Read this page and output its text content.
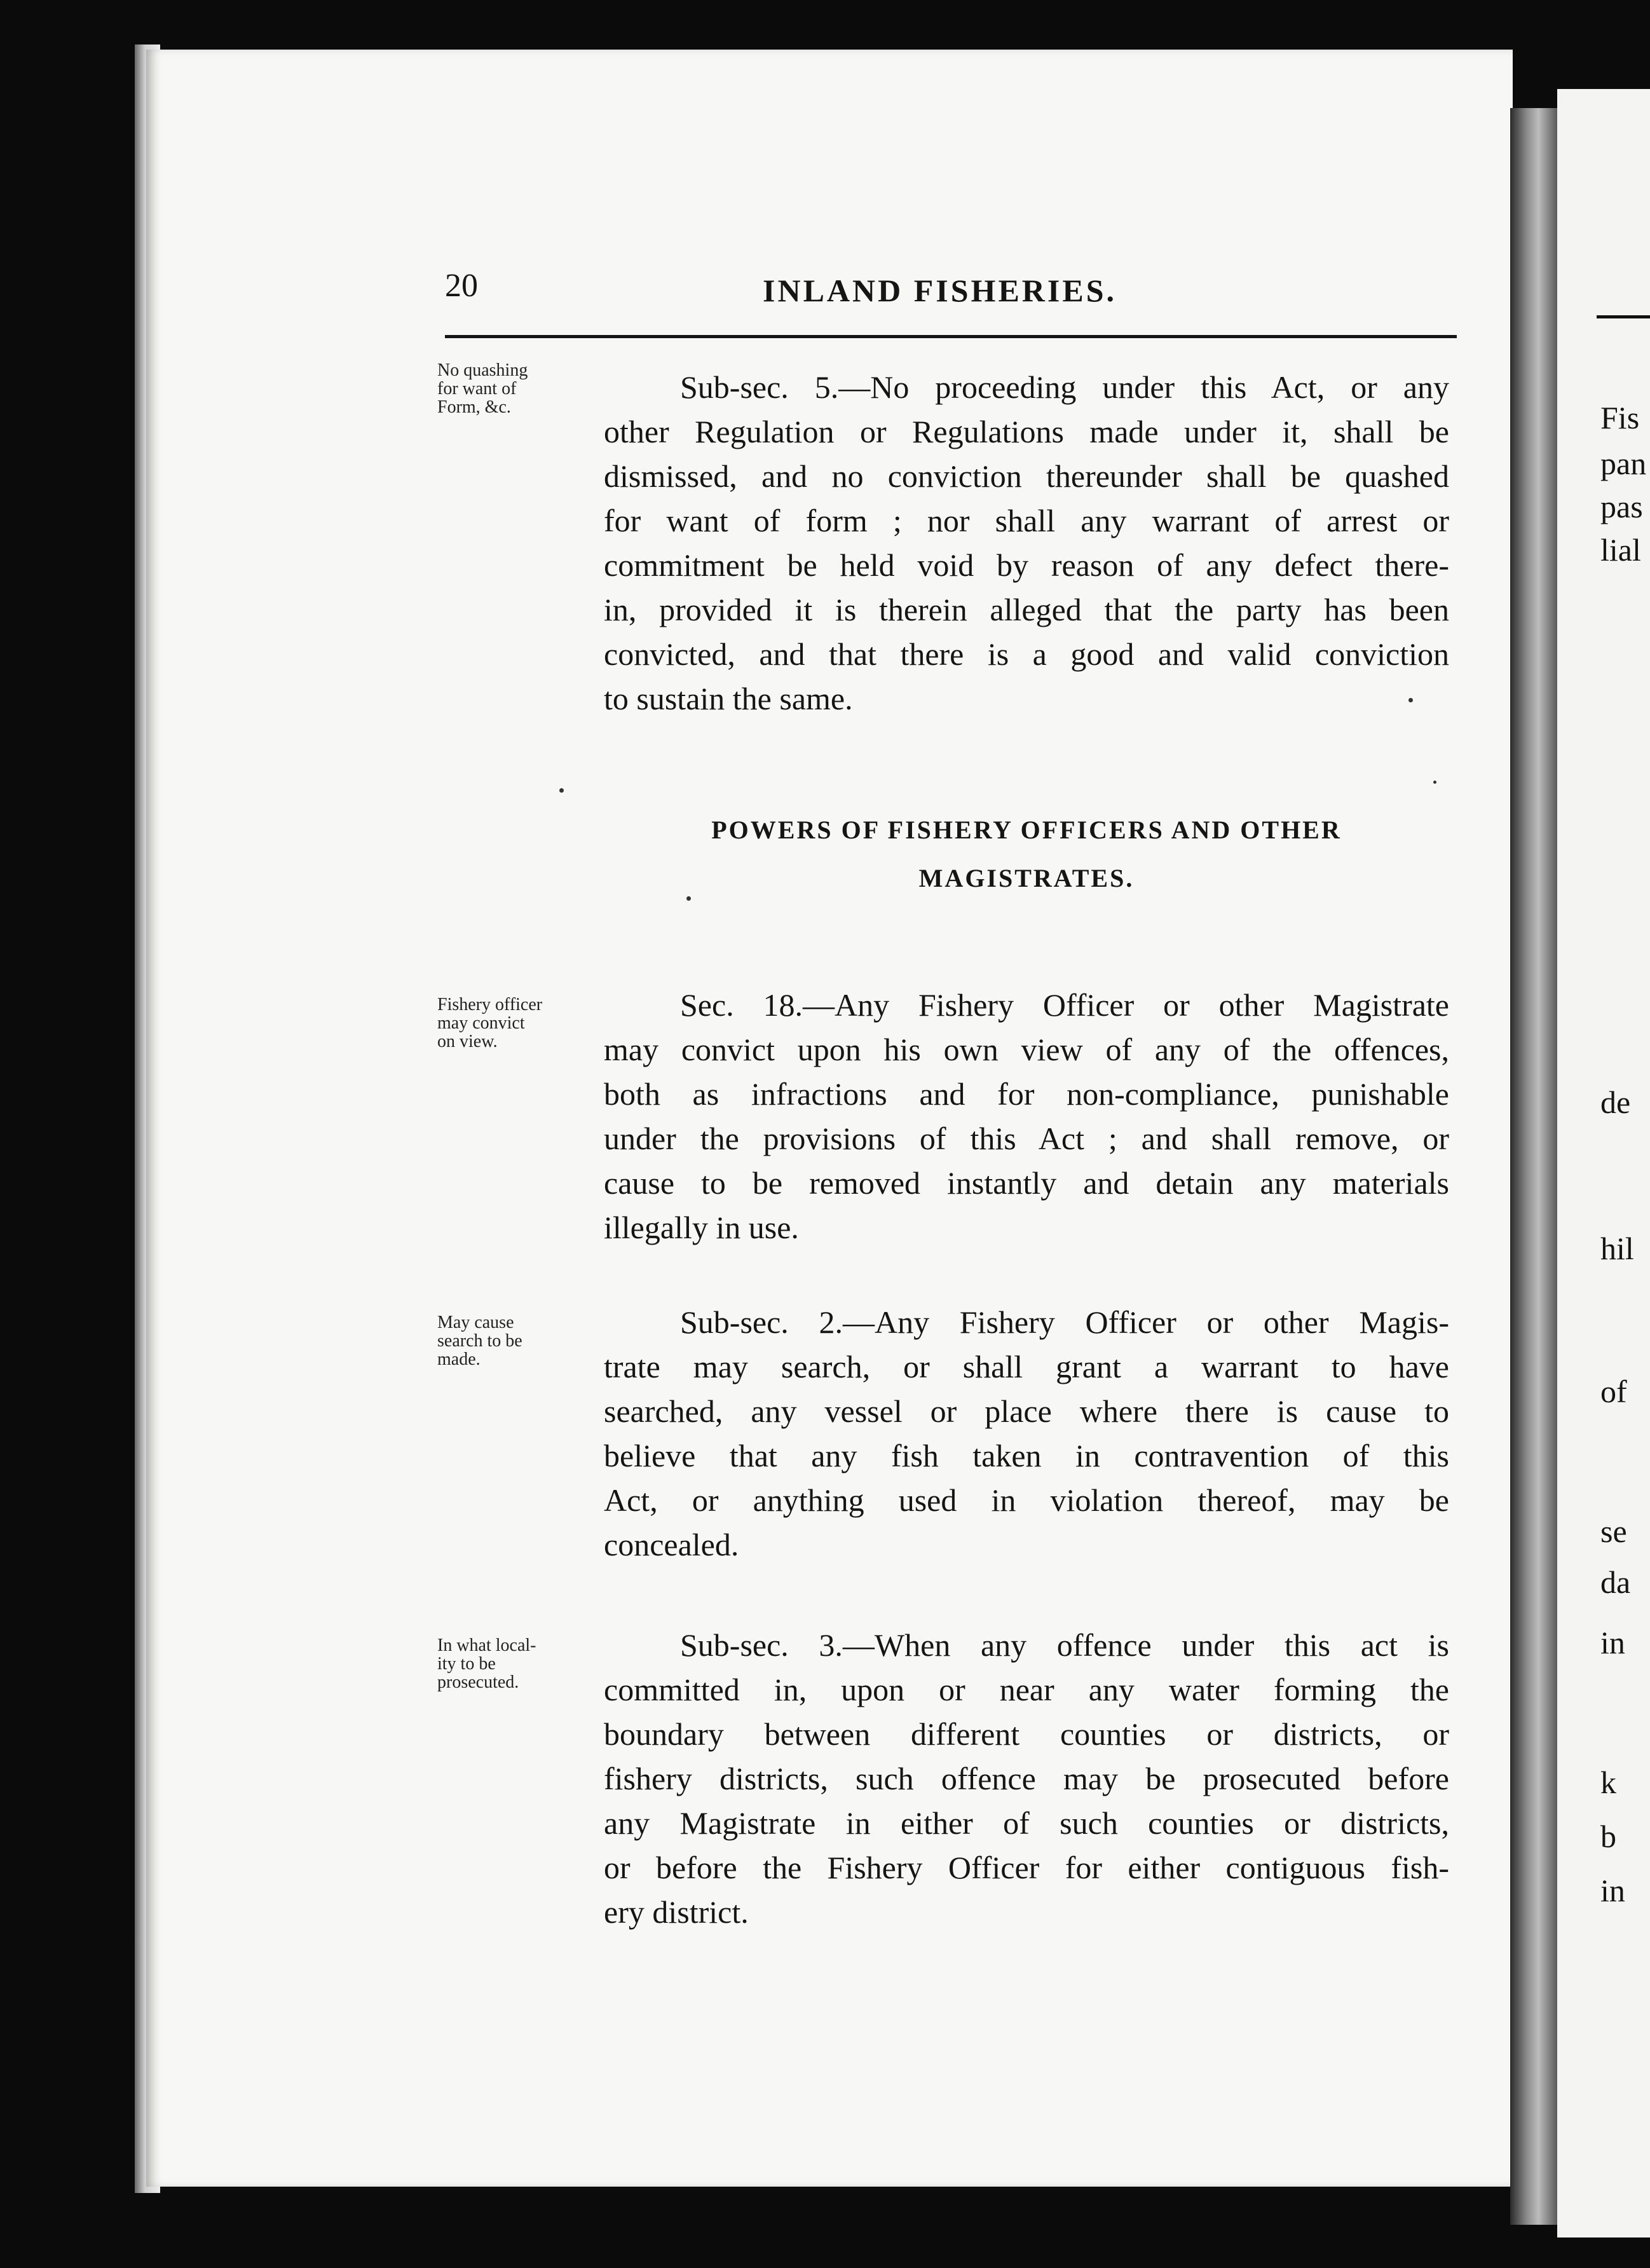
Fis
pan
pas
lial
de
hil
of
se
da
in
k
b
in
20	INLAND FISHERIES.
No quashing
for want of
Form, &c.
Sub-sec. 5.—No proceeding under this Act, or any
other Regulation or Regulations made under it, shall be
dismissed, and no conviction thereunder shall be quashed
for want of form ; nor shall any warrant of arrest or
commitment be held void by reason of any defect there-
in, provided it is therein alleged that the party has been
convicted, and that there is a good and valid conviction
to sustain the same.
POWERS OF FISHERY OFFICERS AND OTHER
MAGISTRATES.
Fishery officer
may convict
on view.
Sec. 18.—Any Fishery Officer or other Magistrate
may convict upon his own view of any of the offences,
both as infractions and for non-compliance, punishable
under the provisions of this Act ; and shall remove, or
cause to be removed instantly and detain any materials
illegally in use.
May cause
search to be
made.
Sub-sec. 2.—Any Fishery Officer or other Magis-
trate may search, or shall grant a warrant to have
searched, any vessel or place where there is cause to
believe that any fish taken in contravention of this
Act, or anything used in violation thereof, may be
concealed.
In what local-
ity to be
prosecuted.
Sub-sec. 3.—When any offence under this act is
committed in, upon or near any water forming the
boundary between different counties or districts, or
fishery districts, such offence may be prosecuted before
any Magistrate in either of such counties or districts,
or before the Fishery Officer for either contiguous fish-
ery district.
